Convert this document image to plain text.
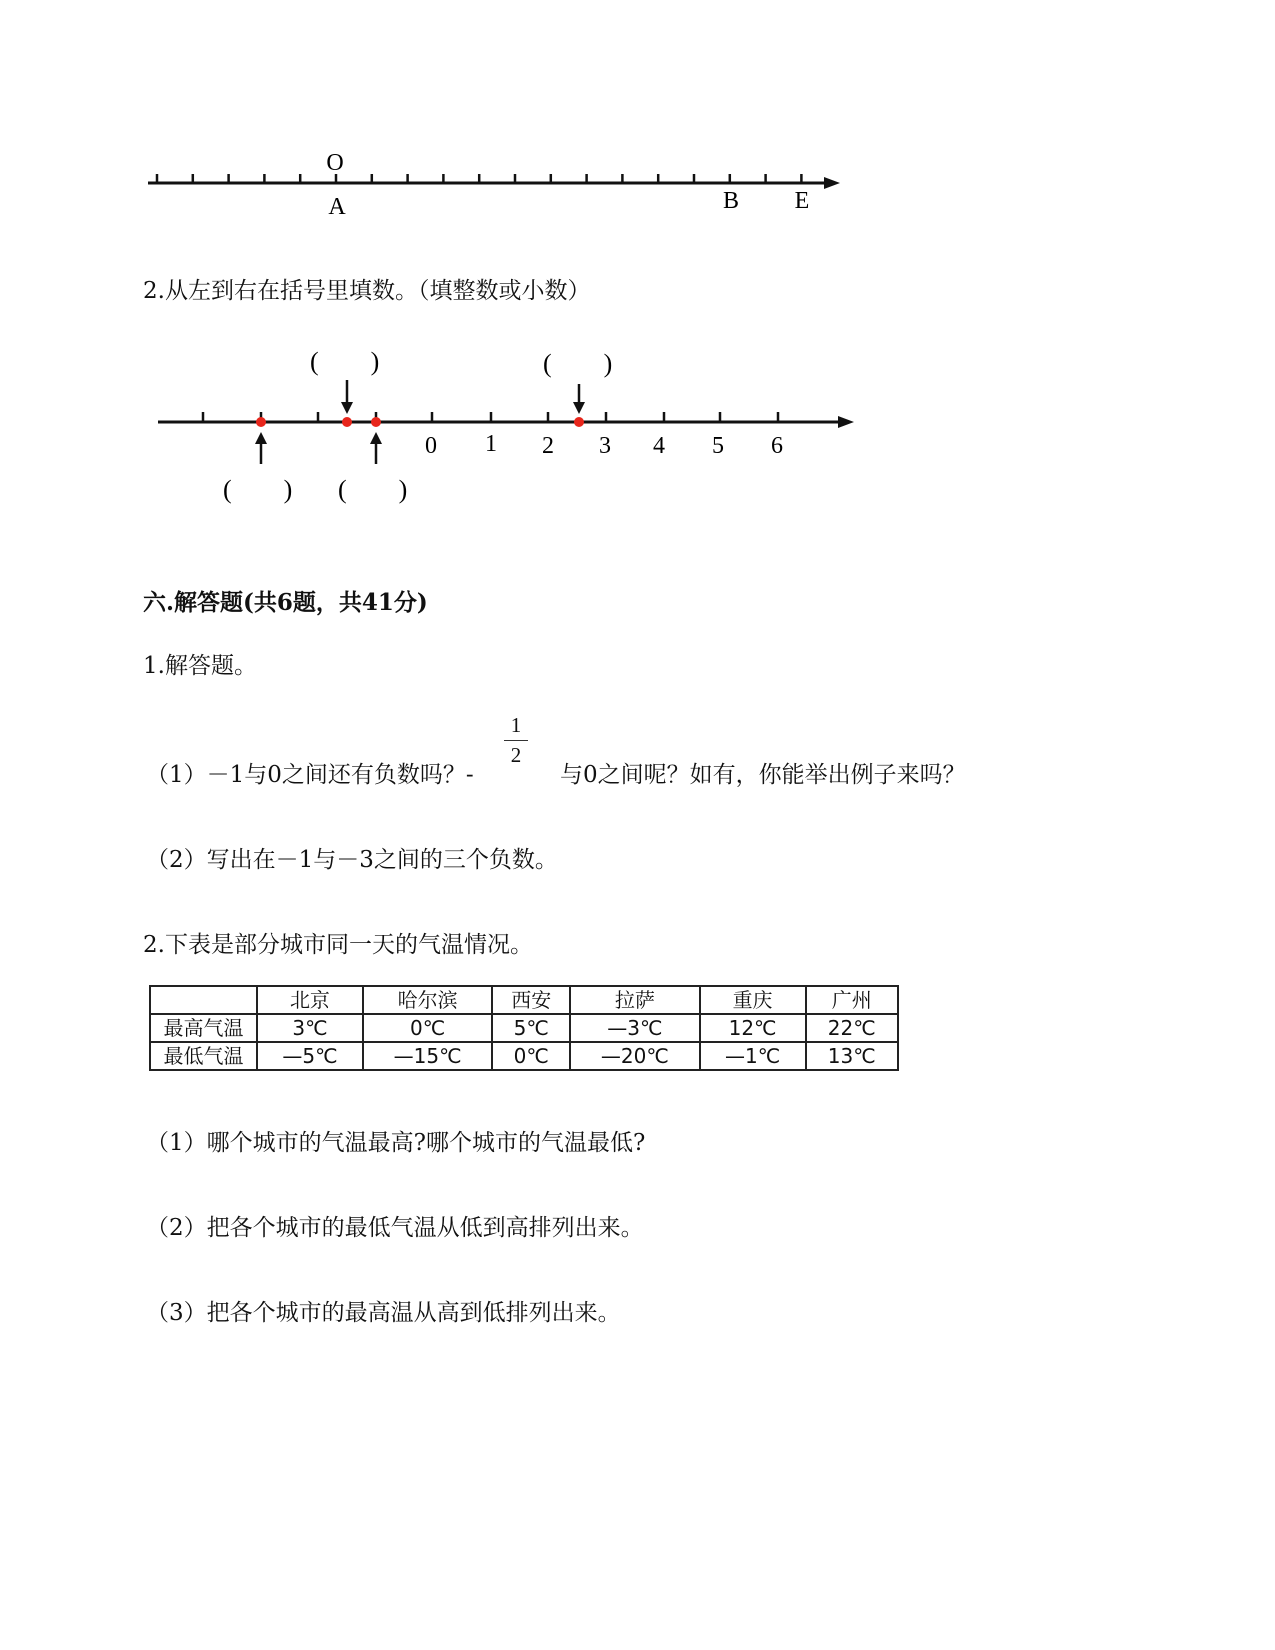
O
A	B E
2.从左到右在括号里填数。（填整数或小数）
0 1 2 3 4 5 6
(        )	(        )
(        ) (        )
六.解答题(共6题，共41分)
1.解答题。
（1）－1与0之间还有负数吗？-
1
2
与0之间呢？如有，你能举出例子来吗？
（2）写出在－1与－3之间的三个负数。
2.下表是部分城市同一天的气温情况。
	北京	哈尔滨	西安	拉萨	重庆	广州
最高气温	3℃	0℃	5℃	—3℃	12℃	22℃
最低气温	—5℃	—15℃	0℃	—20℃	—1℃	13℃
（1）哪个城市的气温最高?哪个城市的气温最低?
（2）把各个城市的最低气温从低到高排列出来。
（3）把各个城市的最高温从高到低排列出来。
